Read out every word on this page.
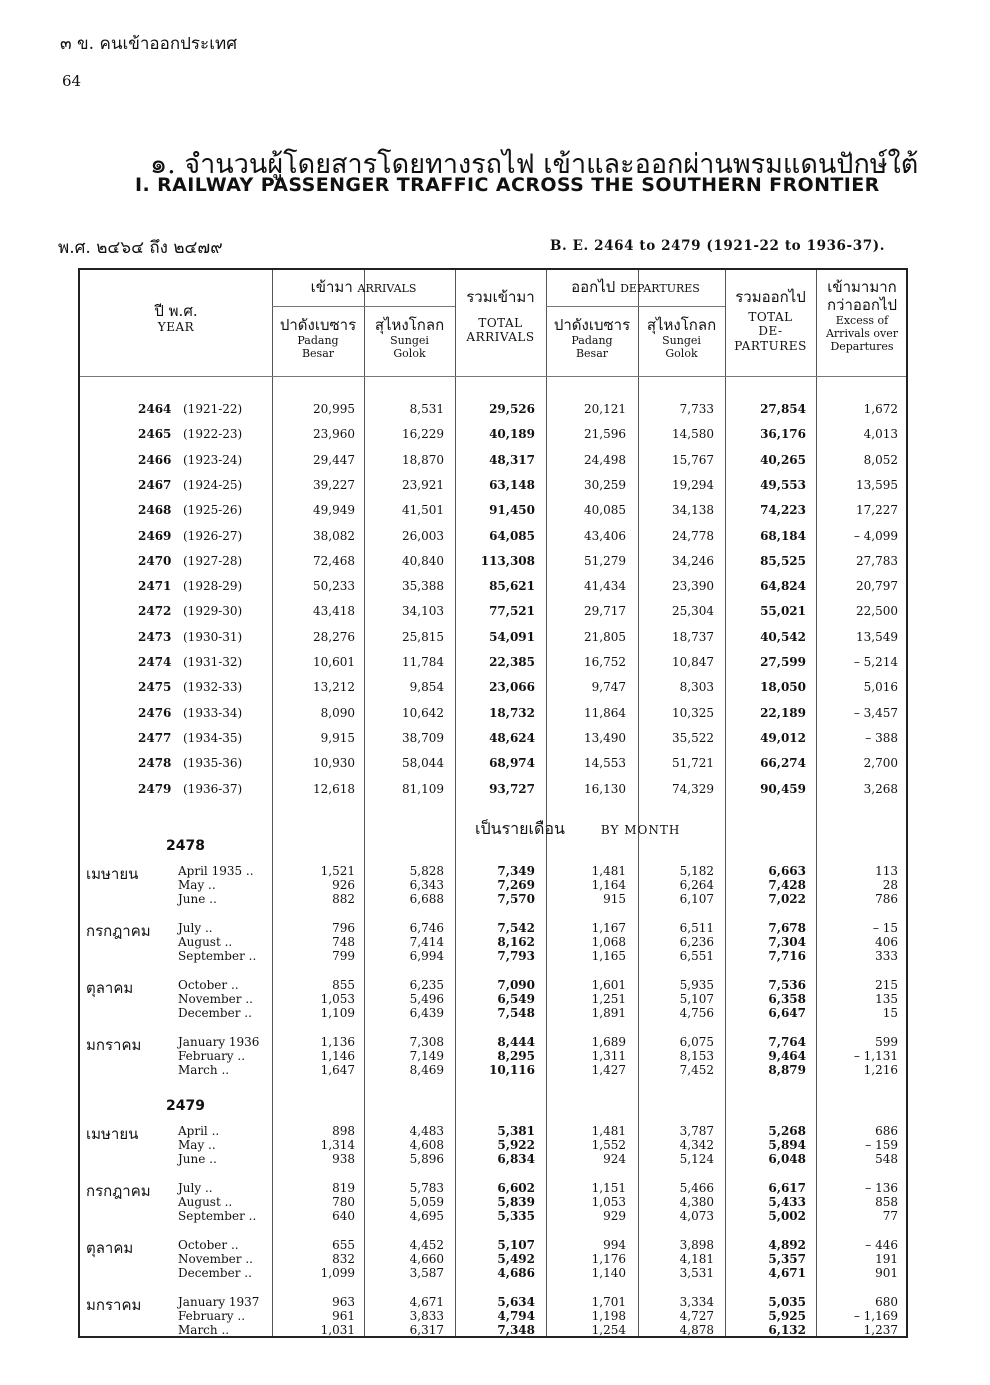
๓ ข. คนเข้าออกประเทศ
64
๑. จำนวนผู้โดยสารโดยทางรถไฟ เข้าและออกผ่านพรมแดนปักษ์ใต้
I. RAILWAY PASSENGER TRAFFIC ACROSS THE SOUTHERN FRONTIER
พ.ศ. ๒๔๖๔ ถึง ๒๔๗๙	B. E. 2464 to 2479 (1921-22 to 1936-37).
ปี พ.ศ.
YEAR
เข้ามา ARRIVALS
ปาดังเบซาร
Padang
Besar
สุไหงโกลก
Sungei
Golok
รวมเข้ามา
TOTAL
ARRIVALS
ออกไป DEPARTURES
ปาดังเบซาร
Padang
Besar
สุไหงโกลก
Sungei
Golok
รวมออกไป
TOTAL
DE-
PARTURES
เข้ามามาก
กว่าออกไป
Excess of
Arrivals over
Departures
2464 (1921-22)	20,995	8,531	29,526	20,121	7,733	27,854	1,672
2465 (1922-23)	23,960	16,229	40,189	21,596	14,580	36,176	4,013
2466 (1923-24)	29,447	18,870	48,317	24,498	15,767	40,265	8,052
2467 (1924-25)	39,227	23,921	63,148	30,259	19,294	49,553	13,595
2468 (1925-26)	49,949	41,501	91,450	40,085	34,138	74,223	17,227
2469 (1926-27)	38,082	26,003	64,085	43,406	24,778	68,184	– 4,099
2470 (1927-28)	72,468	40,840	113,308	51,279	34,246	85,525	27,783
2471 (1928-29)	50,233	35,388	85,621	41,434	23,390	64,824	20,797
2472 (1929-30)	43,418	34,103	77,521	29,717	25,304	55,021	22,500
2473 (1930-31)	28,276	25,815	54,091	21,805	18,737	40,542	13,549
2474 (1931-32)	10,601	11,784	22,385	16,752	10,847	27,599	– 5,214
2475 (1932-33)	13,212	9,854	23,066	9,747	8,303	18,050	5,016
2476 (1933-34)	8,090	10,642	18,732	11,864	10,325	22,189	– 3,457
2477 (1934-35)	9,915	38,709	48,624	13,490	35,522	49,012	– 388
2478 (1935-36)	10,930	58,044	68,974	14,553	51,721	66,274	2,700
2479 (1936-37)	12,618	81,109	93,727	16,130	74,329	90,459	3,268
เป็นรายเดือน	BY MONTH
2478
เมษายน	April 1935 ..	1,521	5,828	7,349	1,481	5,182	6,663	113
May ..	926	6,343	7,269	1,164	6,264	7,428	28
June ..	882	6,688	7,570	915	6,107	7,022	786
กรกฎาคม July ..	796	6,746	7,542	1,167	6,511	7,678	– 15
August ..	748	7,414	8,162	1,068	6,236	7,304	406
September ..	799	6,994	7,793	1,165	6,551	7,716	333
ตุลาคม	October ..	855	6,235	7,090	1,601	5,935	7,536	215
November ..	1,053	5,496	6,549	1,251	5,107	6,358	135
December ..	1,109	6,439	7,548	1,891	4,756	6,647	15
มกราคม	January 1936	1,136	7,308	8,444	1,689	6,075	7,764	599
February ..	1,146	7,149	8,295	1,311	8,153	9,464	– 1,131
March ..	1,647	8,469	10,116	1,427	7,452	8,879	1,216
2479
เมษายน	April ..	898	4,483	5,381	1,481	3,787	5,268	686
May ..	1,314	4,608	5,922	1,552	4,342	5,894	– 159
June ..	938	5,896	6,834	924	5,124	6,048	548
กรกฎาคม July ..	819	5,783	6,602	1,151	5,466	6,617	– 136
August ..	780	5,059	5,839	1,053	4,380	5,433	858
September ..	640	4,695	5,335	929	4,073	5,002	77
ตุลาคม	October ..	655	4,452	5,107	994	3,898	4,892	– 446
November ..	832	4,660	5,492	1,176	4,181	5,357	191
December ..	1,099	3,587	4,686	1,140	3,531	4,671	901
มกราคม	January 1937	963	4,671	5,634	1,701	3,334	5,035	680
February ..	961	3,833	4,794	1,198	4,727	5,925	– 1,169
March ..	1,031	6,317	7,348	1,254	4,878	6,132	1,237
